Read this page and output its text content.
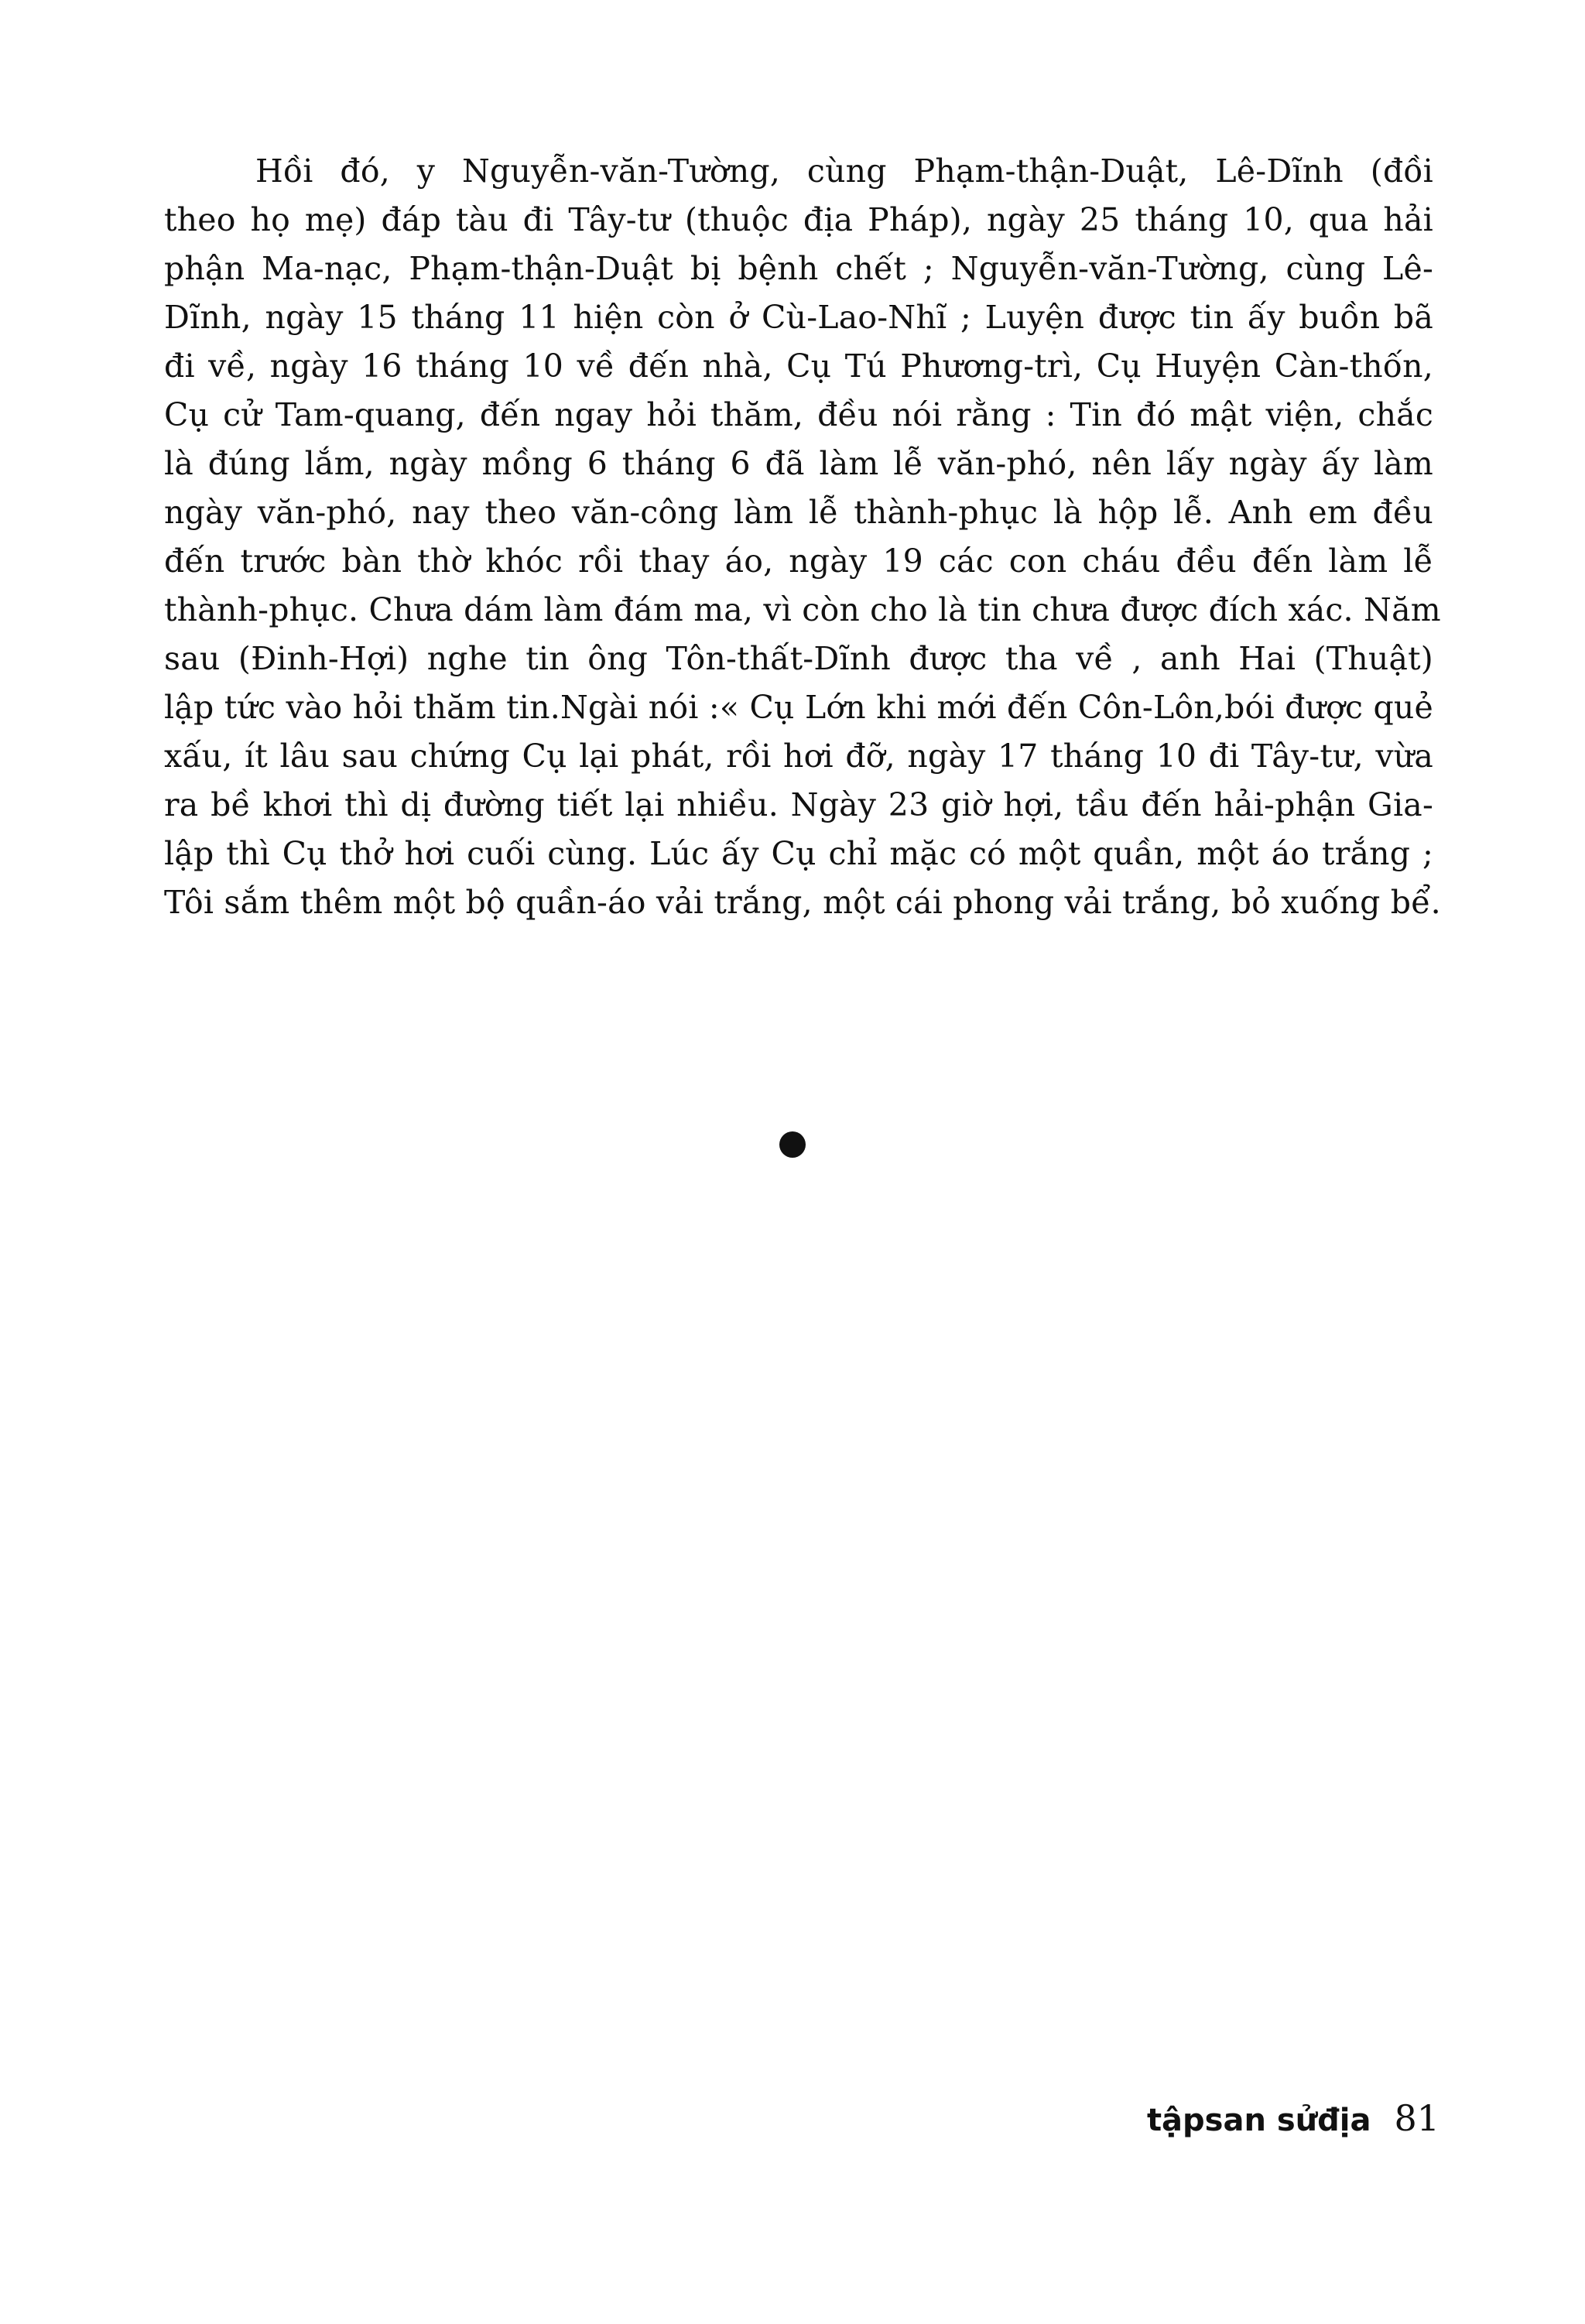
Hồi đó, y Nguyễn-văn-Tường, cùng Phạm-thận-Duật, Lê-Dĩnh (đồi
theo họ mẹ) đáp tàu đi Tây-tư (thuộc địa Pháp), ngày 25 tháng 10, qua hải
phận Ma-nạc, Phạm-thận-Duật bị bệnh chết ; Nguyễn-văn-Tường, cùng Lê-
Dĩnh, ngày 15 tháng 11 hiện còn ở Cù-Lao-Nhĩ ; Luyện được tin ấy buồn bã
đi về, ngày 16 tháng 10 về đến nhà, Cụ Tú Phương-trì, Cụ Huyện Càn-thốn,
Cụ cử Tam-quang, đến ngay hỏi thăm, đều nói rằng : Tin đó mật viện, chắc
là đúng lắm, ngày mồng 6 tháng 6 đã làm lễ văn-phó, nên lấy ngày ấy làm
ngày văn-phó, nay theo văn-công làm lễ thành-phục là hộp lễ. Anh em đều
đến trước bàn thờ khóc rồi thay áo, ngày 19 các con cháu đều đến làm lễ
thành-phục. Chưa dám làm đám ma, vì còn cho là tin chưa được đích xác. Năm
sau (Đinh-Hợi) nghe tin ông Tôn-thất-Dĩnh được tha về , anh Hai (Thuật)
lập tức vào hỏi thăm tin.Ngài nói :« Cụ Lớn khi mới đến Côn-Lôn,bói được quẻ
xấu, ít lâu sau chứng Cụ lại phát, rồi hơi đỡ, ngày 17 tháng 10 đi Tây-tư, vừa
ra bề khơi thì dị đường tiết lại nhiều. Ngày 23 giờ hợi, tầu đến hải-phận Gia-
lập thì Cụ thở hơi cuối cùng. Lúc ấy Cụ chỉ mặc có một quần, một áo trắng ;
Tôi sắm thêm một bộ quần-áo vải trắng, một cái phong vải trắng, bỏ xuống bể.
tậpsan sửđịa 81
